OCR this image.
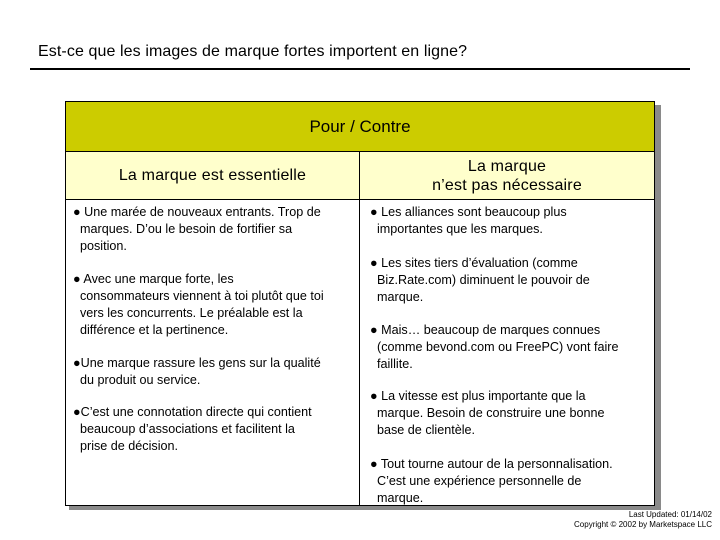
Est-ce que les images de marque fortes importent en ligne?
Pour / Contre
La marque est essentielle
La marque
n’est pas nécessaire
● Une marée de nouveaux entrants. Trop de
marques. D’ou le besoin de fortifier sa
position.
● Avec une marque forte, les
consommateurs viennent à toi plutôt que toi
vers les concurrents. Le préalable est la
différence et la pertinence.
●Une marque rassure les gens sur la qualité
du produit ou service.
●C’est une connotation directe qui contient
beaucoup d’associations et facilitent la
prise de décision.
● Les alliances sont beaucoup plus
importantes que les marques.
● Les sites tiers d’évaluation (comme
Biz.Rate.com) diminuent le pouvoir de
marque.
● Mais… beaucoup de marques connues
(comme bevond.com ou FreePC) vont faire
faillite.
● La vitesse est plus importante que la
marque. Besoin de construire une bonne
base de clientèle.
● Tout tourne autour de la personnalisation.
C’est une expérience personnelle de
marque.
Last Updated: 01/14/02
Copyright © 2002 by Marketspace LLC
